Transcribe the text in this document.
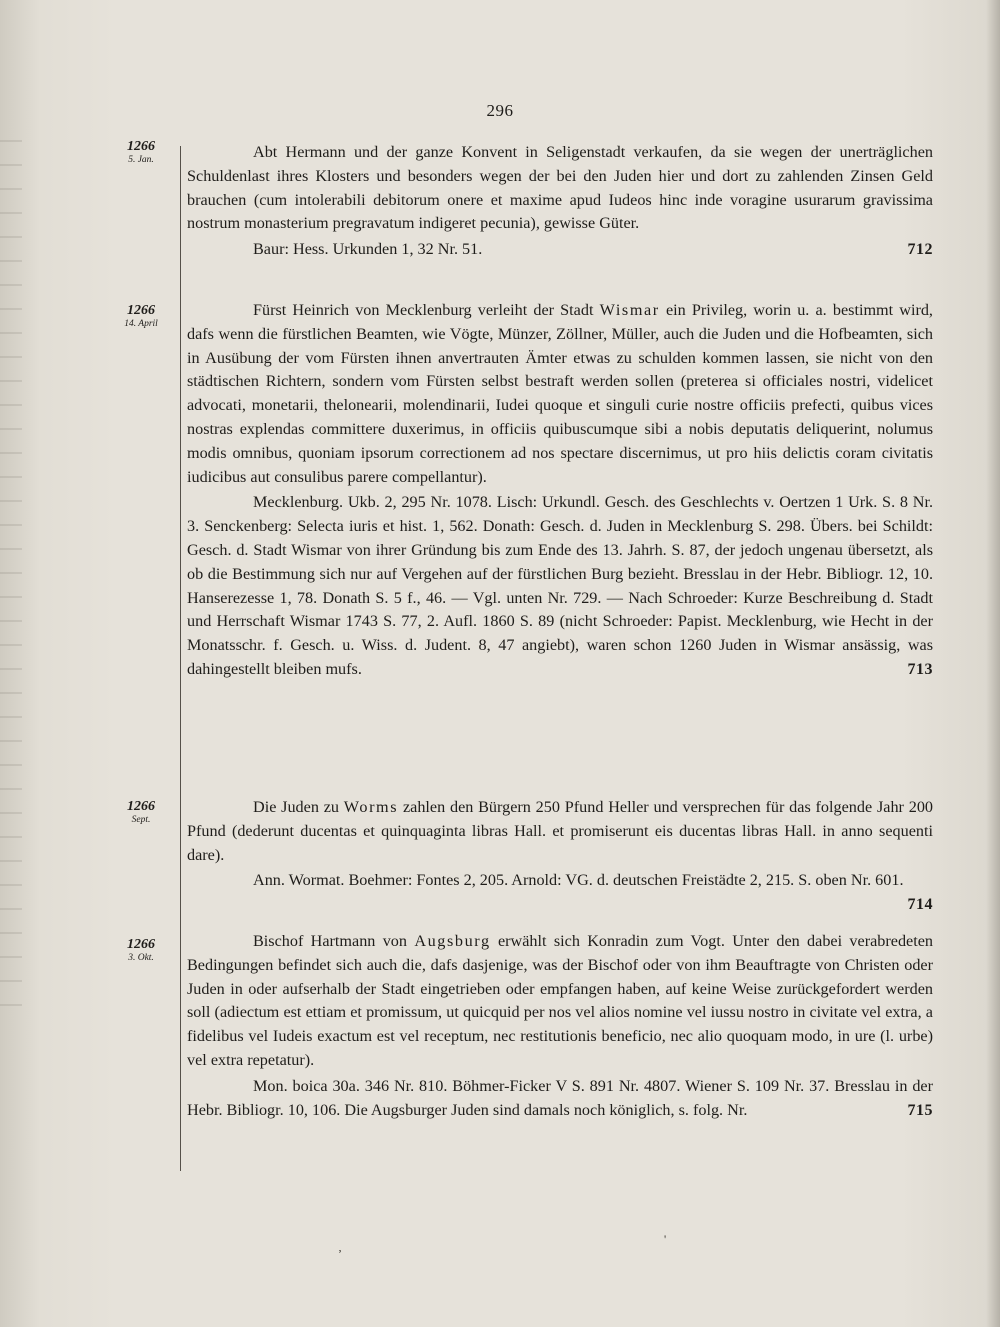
296
1266
5. Jan.	Abt Hermann und der ganze Konvent in Seligenstadt verkaufen, da sie wegen der unerträglichen Schuldenlast ihres Klosters und besonders wegen der bei den Juden hier und dort zu zahlenden Zinsen Geld brauchen (cum intolerabili debitorum onere et maxime apud Iudeos hinc inde voragine usurarum gravissima nostrum monasterium pregravatum indigeret pecunia), gewisse Güter.

Baur: Hess. Urkunden 1, 32 Nr. 51.	712

1266
14. April

Fürst Heinrich von Mecklenburg verleiht der Stadt Wismar ein Privileg, worin u. a. bestimmt wird, dafs wenn die fürstlichen Beamten, wie Vögte, Münzer, Zöllner, Müller, auch die Juden und die Hofbeamten, sich in Ausübung der vom Fürsten ihnen anvertrauten Ämter etwas zu schulden kommen lassen, sie nicht von den städtischen Richtern, sondern vom Fürsten selbst bestraft werden sollen (preterea si officiales nostri, videlicet advocati, monetarii, thelonearii, molendinarii, Iudei quoque et singuli curie nostre officiis prefecti, quibus vices nostras explendas committere duxerimus, in officiis quibuscumque sibi a nobis deputatis deliquerint, nolumus modis omnibus, quoniam ipsorum correctionem ad nos spectare discernimus, ut pro hiis delictis coram civitatis iudicibus aut consulibus parere compellantur).

Mecklenburg. Ukb. 2, 295 Nr. 1078. Lisch: Urkundl. Gesch. des Geschlechts v. Oertzen 1 Urk. S. 8 Nr. 3. Senckenberg: Selecta iuris et hist. 1, 562. Donath: Gesch. d. Juden in Mecklenburg S. 298. Übers. bei Schildt: Gesch. d. Stadt Wismar von ihrer Gründung bis zum Ende des 13. Jahrh. S. 87, der jedoch ungenau übersetzt, als ob die Bestimmung sich nur auf Vergehen auf der fürstlichen Burg bezieht. Bresslau in der Hebr. Bibliogr. 12, 10. Hanserezesse 1, 78. Donath S. 5 f., 46. — Vgl. unten Nr. 729. — Nach Schroeder: Kurze Beschreibung d. Stadt und Herrschaft Wismar 1743 S. 77, 2. Aufl. 1860 S. 89 (nicht Schroeder: Papist. Mecklenburg, wie Hecht in der Monatsschr. f. Gesch. u. Wiss. d. Judent. 8, 47 angiebt), waren schon 1260 Juden in Wismar ansässig, was dahingestellt bleiben mufs.	713

1266
Sept.

Die Juden zu Worms zahlen den Bürgern 250 Pfund Heller und versprechen für das folgende Jahr 200 Pfund (dederunt ducentas et quinquaginta libras Hall. et promiserunt eis ducentas libras Hall. in anno sequenti dare).

Ann. Wormat. Boehmer: Fontes 2, 205. Arnold: VG. d. deutschen Freistädte 2, 215. S. oben Nr. 601.
714

1266
3. Okt.

Bischof Hartmann von Augsburg erwählt sich Konradin zum Vogt. Unter den dabei verabredeten Bedingungen befindet sich auch die, dafs dasjenige, was der Bischof oder von ihm Beauftragte von Christen oder Juden in oder aufserhalb der Stadt eingetrieben oder empfangen haben, auf keine Weise zurückgefordert werden soll (adiectum est ettiam et promissum, ut quicquid per nos vel alios nomine vel iussu nostro in civitate vel extra, a fidelibus vel Iudeis exactum est vel receptum, nec restitutionis beneficio, nec alio quoquam modo, in ure (l. urbe) vel extra repetatur).

Mon. boica 30a. 346 Nr. 810. Böhmer-Ficker V S. 891 Nr. 4807. Wiener S. 109 Nr. 37. Bresslau in der Hebr. Bibliogr. 10, 106. Die Augsburger Juden sind damals noch königlich, s. folg. Nr.	715

‚
'
